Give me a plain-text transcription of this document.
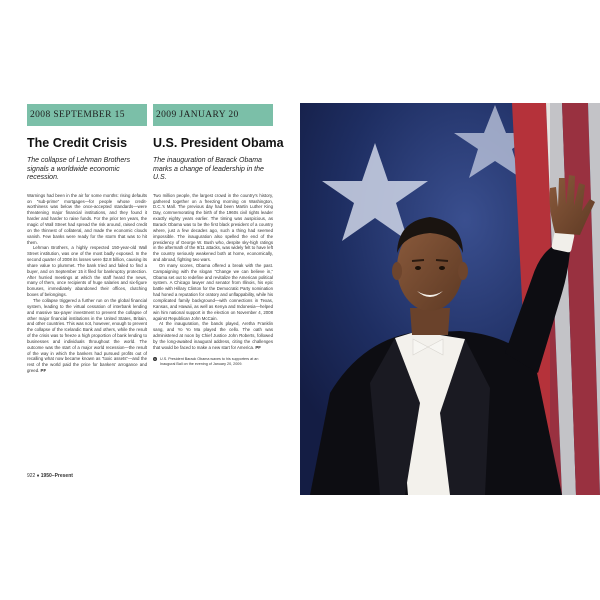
2008 SEPTEMBER 15
The Credit Crisis
The collapse of Lehman Brothers signals a worldwide economic recession.

Warnings had been in the air for some months: rising defaults on “sub-prime” mortgages—for people whose credit-worthiness was below the once-accepted standards—were threatening major financial institutions, and they found it harder and harder to raise funds. For the prior ten years, the magic of Wall Street had spread the risk around, raised credit on the thinnest of collateral, and made the economic clouds vanish. Few banks were ready for the storm that was to hit them.

Lehman Brothers, a highly respected 150-year-old Wall Street institution, was one of the most badly exposed. In the second quarter of 2008 its losses were $2.8 billion, causing its share value to plummet. The bank tried and failed to find a buyer, and on September 15 it filed for bankruptcy protection. After hurried meetings at which the staff heard the news, many of them, once recipients of huge salaries and six-figure bonuses, immediately abandoned their offices, clutching boxes of belongings.

The collapse triggered a further run on the global financial system, leading to the virtual cessation of interbank lending and massive tax-payer investment to prevent the collapse of other major financial institutions in the United States, Britain, and other countries. This was not, however, enough to prevent the collapse of the Icelandic Bank and others, while the result of the crisis was to freeze a high proportion of bank lending to businesses and individuals throughout the world. The outcome was the start of a major world recession—the result of the way in which the bankers had pursued profits out of recalling what now became known as “toxic assets”—and the rest of the world paid the price for bankers’ arrogance and greed. PF

2009 JANUARY 20
U.S. President Obama
The inauguration of Barack Obama marks a change of leadership in the U.S.

Two million people, the largest crowd in the country’s history, gathered together on a freezing morning on Washington, D.C.’s Mall. The previous day had been Martin Luther King Day, commemorating the birth of the 1960s civil rights leader exactly eighty years earlier. The timing was auspicious, as Barack Obama was to be the first black president of a country where, just a few decades ago, such a thing had seemed impossible. The inauguration also spelled the end of the presidency of George W. Bush who, despite sky-high ratings in the aftermath of the 9/11 attacks, was widely felt to have left the country seriously weakened both at home, economically, and abroad, fighting two wars.

On many scores, Obama offered a break with the past. Campaigning with the slogan “Change we can believe in,” Obama set out to redefine and revitalize the American political system. A Chicago lawyer and senator from Illinois, his epic battle with Hillary Clinton for the Democratic Party nomination had honed a reputation for oratory and unflappability, while his complicated family background—with connections in Texas, Kansas, and Hawaii, as well as Kenya and Indonesia—helped win him national support in the election on November 4, 2008 against Republican John McCain.

At the inauguration, the bands played, Aretha Franklin sang, and Yo Yo Ma played the cello. The oath was administered at noon by Chief Justice John Roberts, followed by the long-awaited inaugural address, citing the challenges that would be faced to make a new start for America. PF

1	U.S. President Barack Obama waves to his supporters at an Inaugural Ball on the evening of January 20, 2009.
922 ♦ 1950–Present
